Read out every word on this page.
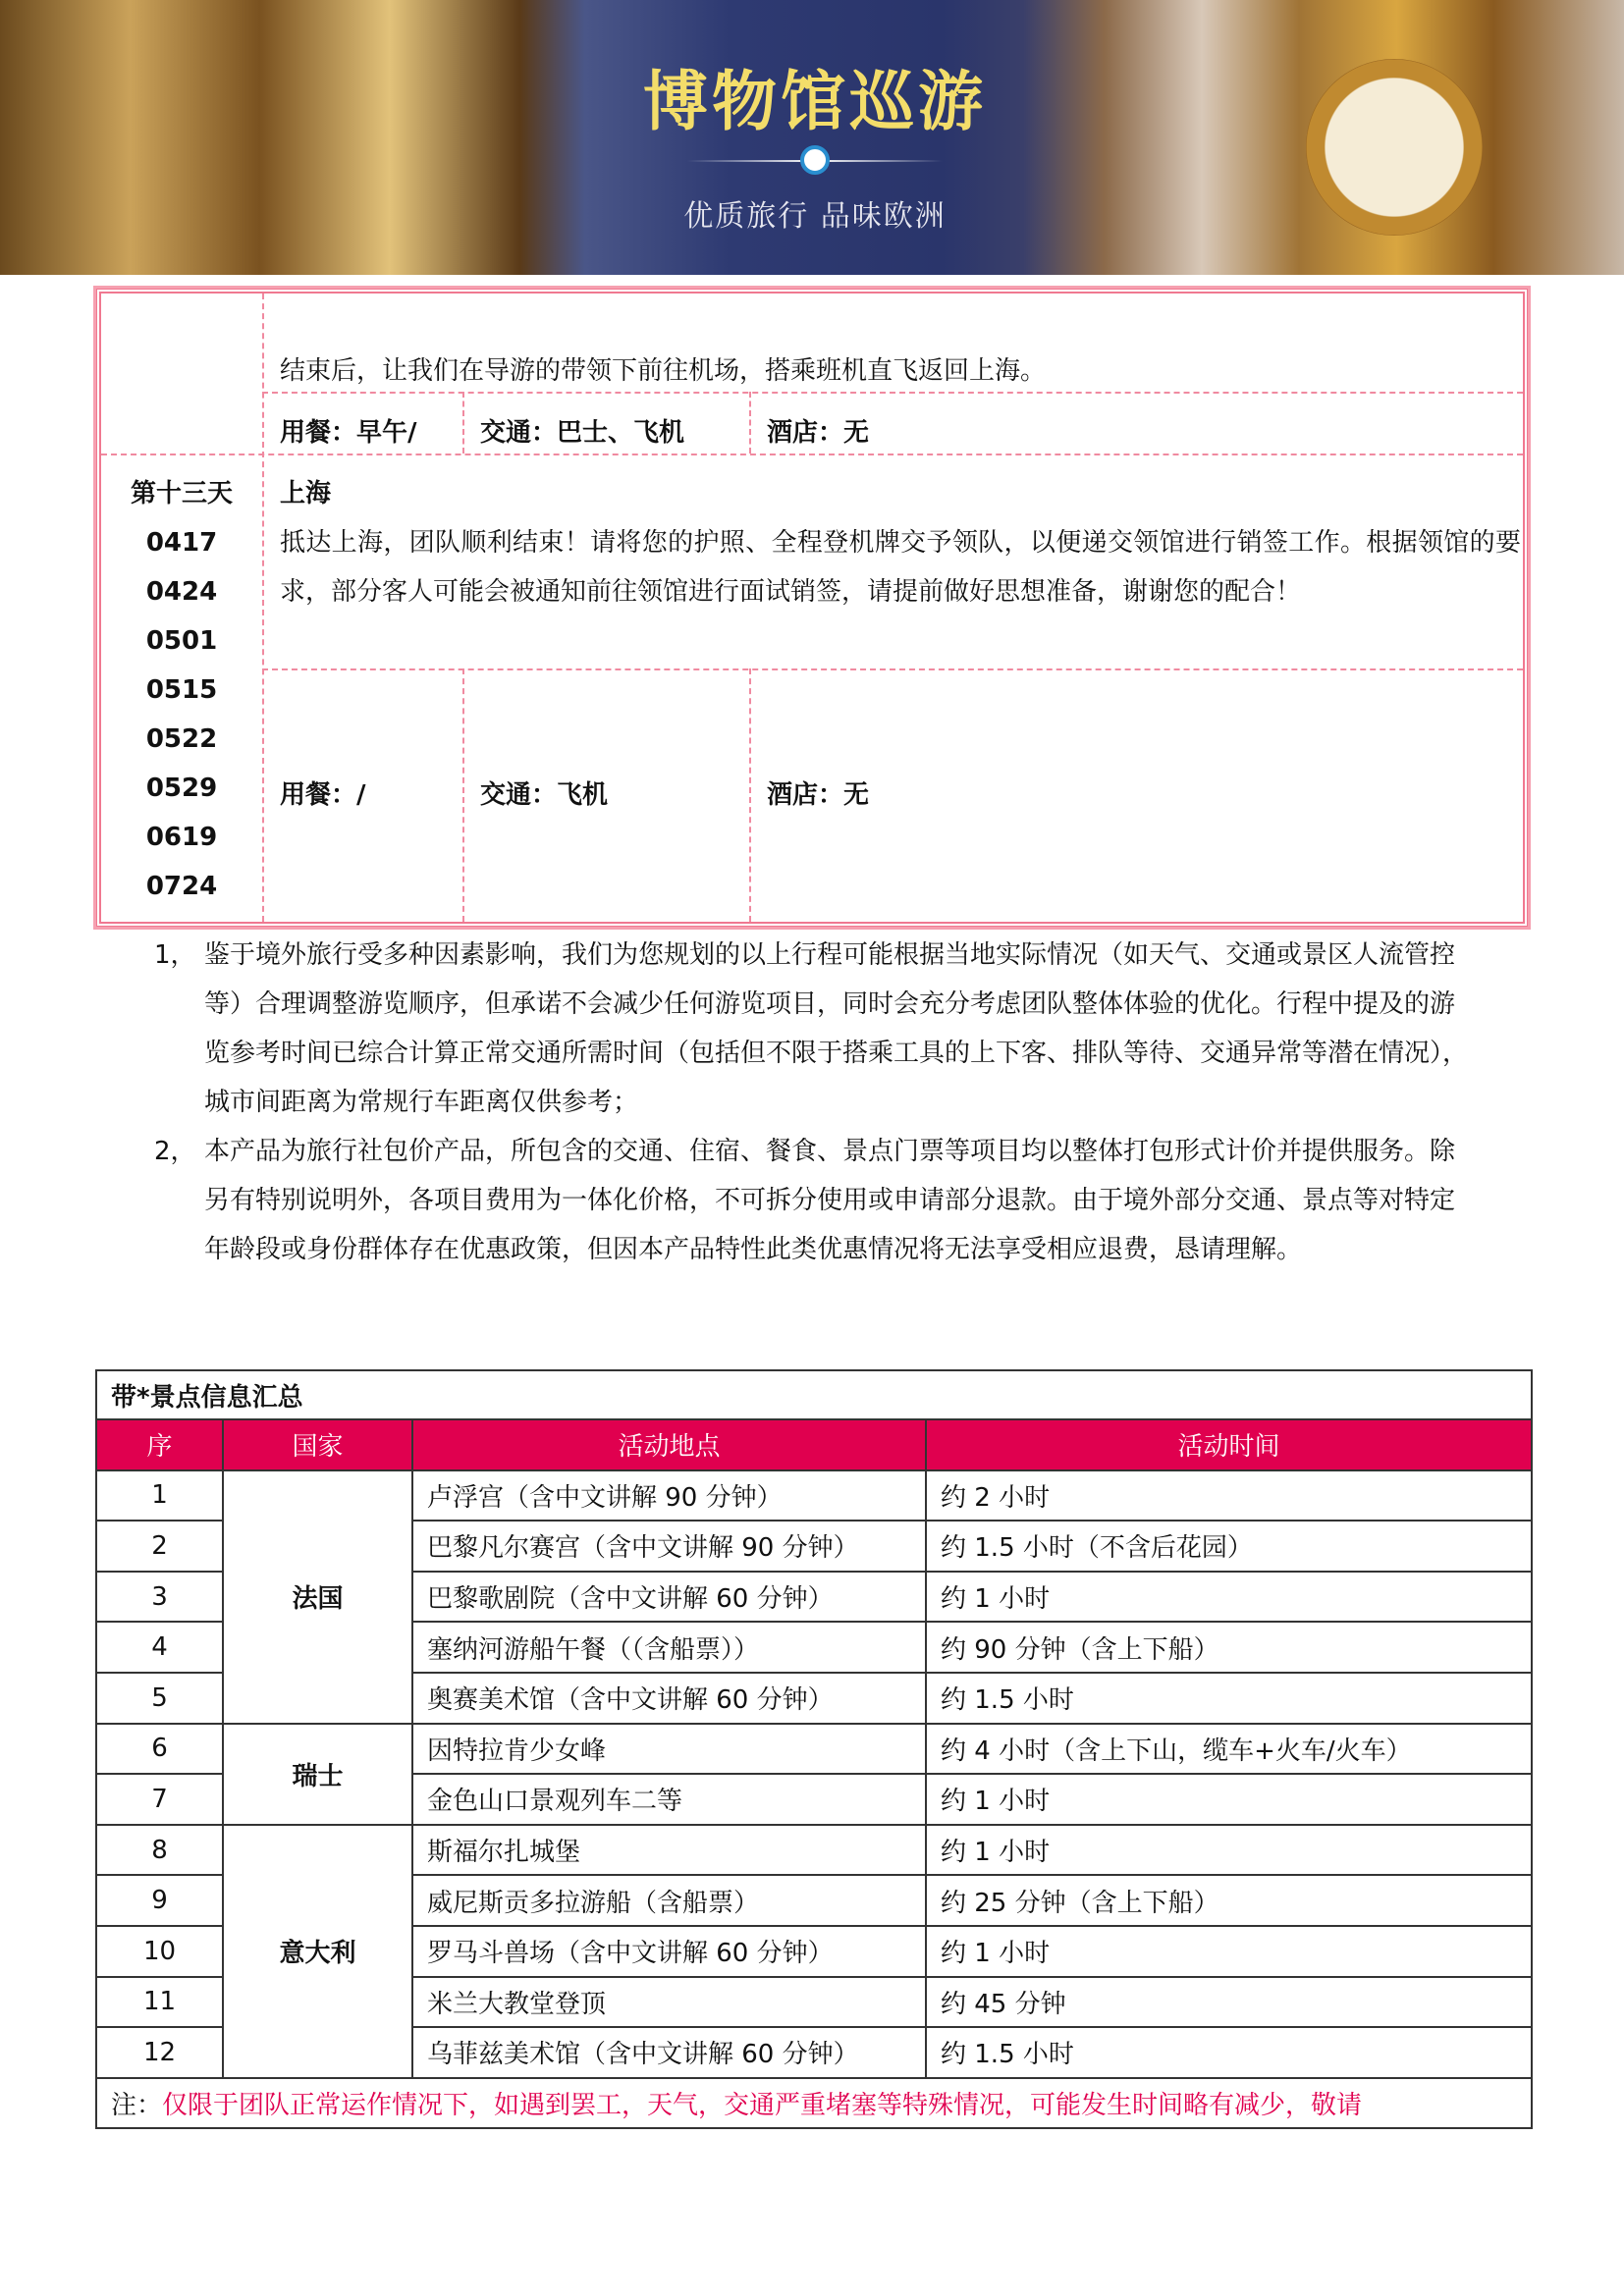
博物馆巡游
优质旅行 品味欧洲
结束后，让我们在导游的带领下前往机场，搭乘班机直飞返回上海。
用餐：早午/ 交通：巴士、飞机	酒店：无
第十三天
0417
0424
0501
0515
0522
0529
0619
0724
上海
抵达上海，团队顺利结束！请将您的护照、全程登机牌交予领队，以便递交领馆进行销签工作。根据领馆的要求，部分客人可能会被通知前往领馆进行面试销签，请提前做好思想准备，谢谢您的配合！
用餐：/	交通：飞机	酒店：无
1， 鉴于境外旅行受多种因素影响，我们为您规划的以上行程可能根据当地实际情况（如天气、交通或景区人流管控等）合理调整游览顺序，但承诺不会减少任何游览项目，同时会充分考虑团队整体体验的优化。行程中提及的游览参考时间已综合计算正常交通所需时间（包括但不限于搭乘工具的上下客、排队等待、交通异常等潜在情况），城市间距离为常规行车距离仅供参考；
2， 本产品为旅行社包价产品，所包含的交通、住宿、餐食、景点门票等项目均以整体打包形式计价并提供服务。除另有特别说明外，各项目费用为一体化价格，不可拆分使用或申请部分退款。由于境外部分交通、景点等对特定年龄段或身份群体存在优惠政策，但因本产品特性此类优惠情况将无法享受相应退费，恳请理解。
带*景点信息汇总			
序	国家	活动地点	活动时间
1	法国	卢浮宫（含中文讲解 90 分钟）	约 2 小时
2		巴黎凡尔赛宫（含中文讲解 90 分钟）	约 1.5 小时（不含后花园）
3		巴黎歌剧院（含中文讲解 60 分钟）	约 1 小时
4		塞纳河游船午餐（（含船票））	约 90 分钟（含上下船）
5		奥赛美术馆（含中文讲解 60 分钟）	约 1.5 小时
6	瑞士	因特拉肯少女峰	约 4 小时（含上下山，缆车+火车/火车）
7		金色山口景观列车二等	约 1 小时
8	意大利	斯福尔扎城堡	约 1 小时
9		威尼斯贡多拉游船（含船票）	约 25 分钟（含上下船）
10		罗马斗兽场（含中文讲解 60 分钟）	约 1 小时
11		米兰大教堂登顶	约 45 分钟
12		乌菲兹美术馆（含中文讲解 60 分钟）	约 1.5 小时
注：仅限于团队正常运作情况下，如遇到罢工，天气，交通严重堵塞等特殊情况，可能发生时间略有减少，敬请			
